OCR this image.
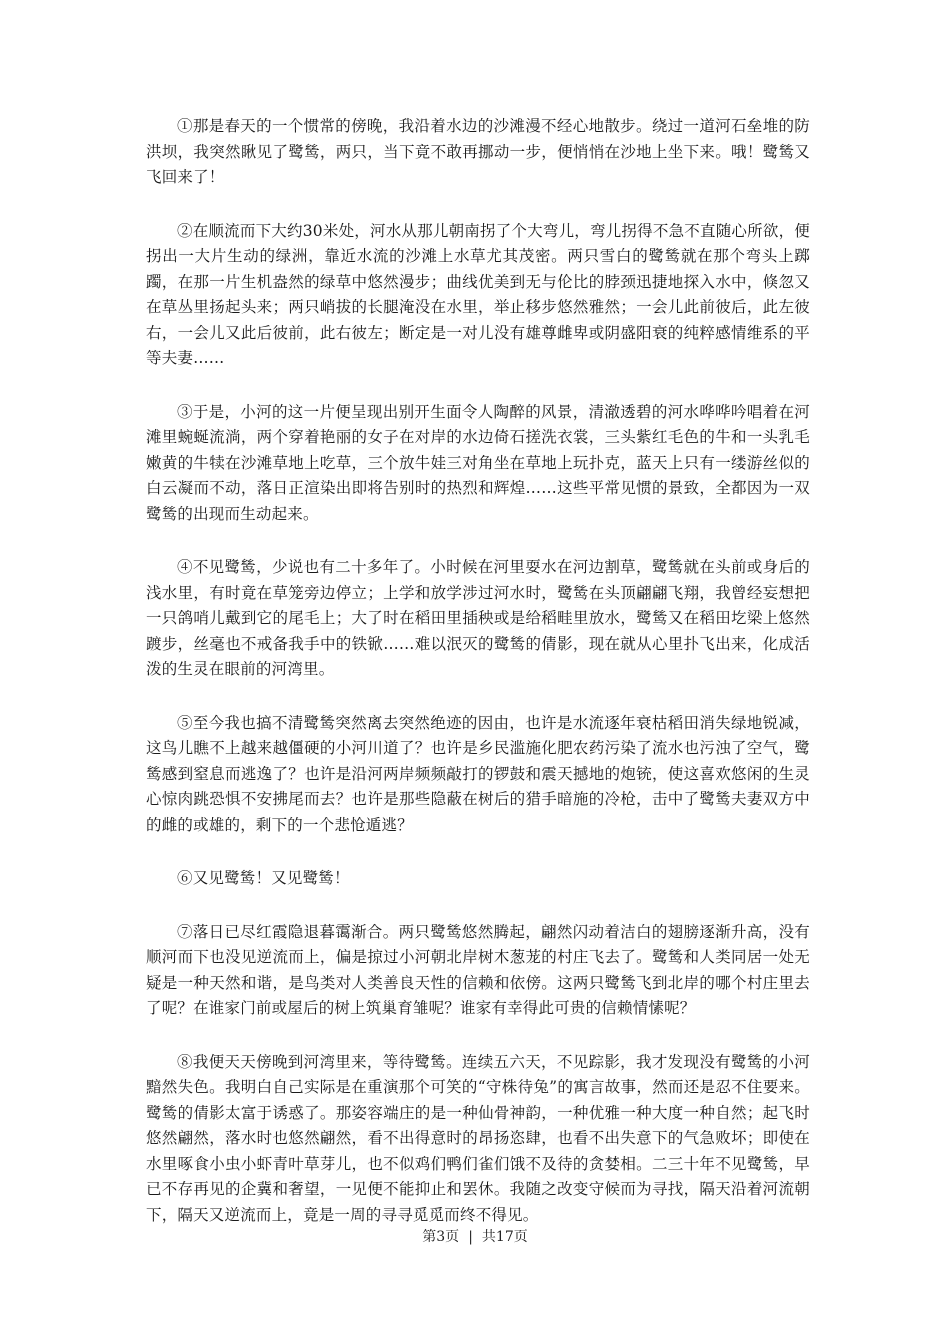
①那是春天的一个惯常的傍晚，我沿着水边的沙滩漫不经心地散步。绕过一道河石垒堆的防洪坝，我突然瞅见了鹭鸶，两只，当下竟不敢再挪动一步，便悄悄在沙地上坐下来。哦！鹭鸶又飞回来了！

②在顺流而下大约30米处，河水从那儿朝南拐了个大弯儿，弯儿拐得不急不直随心所欲，便拐出一大片生动的绿洲，靠近水流的沙滩上水草尤其茂密。两只雪白的鹭鸶就在那个弯头上踯躅，在那一片生机盎然的绿草中悠然漫步；曲线优美到无与伦比的脖颈迅捷地探入水中，倏忽又在草丛里扬起头来；两只峭拔的长腿淹没在水里，举止移步悠然雅然；一会儿此前彼后，此左彼右，一会儿又此后彼前，此右彼左；断定是一对儿没有雄尊雌卑或阴盛阳衰的纯粹感情维系的平等夫妻……

③于是，小河的这一片便呈现出别开生面令人陶醉的风景，清澈透碧的河水哗哗吟唱着在河滩里蜿蜒流淌，两个穿着艳丽的女子在对岸的水边倚石搓洗衣裳，三头紫红毛色的牛和一头乳毛嫩黄的牛犊在沙滩草地上吃草，三个放牛娃三对角坐在草地上玩扑克，蓝天上只有一缕游丝似的白云凝而不动，落日正渲染出即将告别时的热烈和辉煌……这些平常见惯的景致，全都因为一双鹭鸶的出现而生动起来。

④不见鹭鸶，少说也有二十多年了。小时候在河里耍水在河边割草，鹭鸶就在头前或身后的浅水里，有时竟在草笼旁边停立；上学和放学涉过河水时，鹭鸶在头顶翩翩飞翔，我曾经妄想把一只鸽哨儿戴到它的尾毛上；大了时在稻田里插秧或是给稻畦里放水，鹭鸶又在稻田圪梁上悠然踱步，丝毫也不戒备我手中的铁锨……难以泯灭的鹭鸶的倩影，现在就从心里扑飞出来，化成活泼的生灵在眼前的河湾里。

⑤至今我也搞不清鹭鸶突然离去突然绝迹的因由，也许是水流逐年衰枯稻田消失绿地锐减，这鸟儿瞧不上越来越僵硬的小河川道了？也许是乡民滥施化肥农药污染了流水也污浊了空气，鹭鸶感到窒息而逃逸了？也许是沿河两岸频频敲打的锣鼓和震天撼地的炮铳，使这喜欢悠闲的生灵心惊肉跳恐惧不安拂尾而去？也许是那些隐蔽在树后的猎手暗施的冷枪，击中了鹭鸶夫妻双方中的雌的或雄的，剩下的一个悲怆遁逃？

⑥又见鹭鸶！又见鹭鸶！

⑦落日已尽红霞隐退暮霭渐合。两只鹭鸶悠然腾起，翩然闪动着洁白的翅膀逐渐升高，没有顺河而下也没见逆流而上，偏是掠过小河朝北岸树木葱茏的村庄飞去了。鹭鸶和人类同居一处无疑是一种天然和谐，是鸟类对人类善良天性的信赖和依傍。这两只鹭鸶飞到北岸的哪个村庄里去了呢？在谁家门前或屋后的树上筑巢育雏呢？谁家有幸得此可贵的信赖情愫呢？

⑧我便天天傍晚到河湾里来，等待鹭鸶。连续五六天，不见踪影，我才发现没有鹭鸶的小河黯然失色。我明白自己实际是在重演那个可笑的“守株待兔”的寓言故事，然而还是忍不住要来。鹭鸶的倩影太富于诱惑了。那姿容端庄的是一种仙骨神韵，一种优雅一种大度一种自然；起飞时悠然翩然，落水时也悠然翩然，看不出得意时的昂扬恣肆，也看不出失意下的气急败坏；即使在水里啄食小虫小虾青叶草芽儿，也不似鸡们鸭们雀们饿不及待的贪婪相。二三十年不见鹭鸶，早已不存再见的企冀和奢望，一见便不能抑止和罢休。我随之改变守候而为寻找，隔天沿着河流朝下，隔天又逆流而上，竟是一周的寻寻觅觅而终不得见。

第3页 | 共17页
